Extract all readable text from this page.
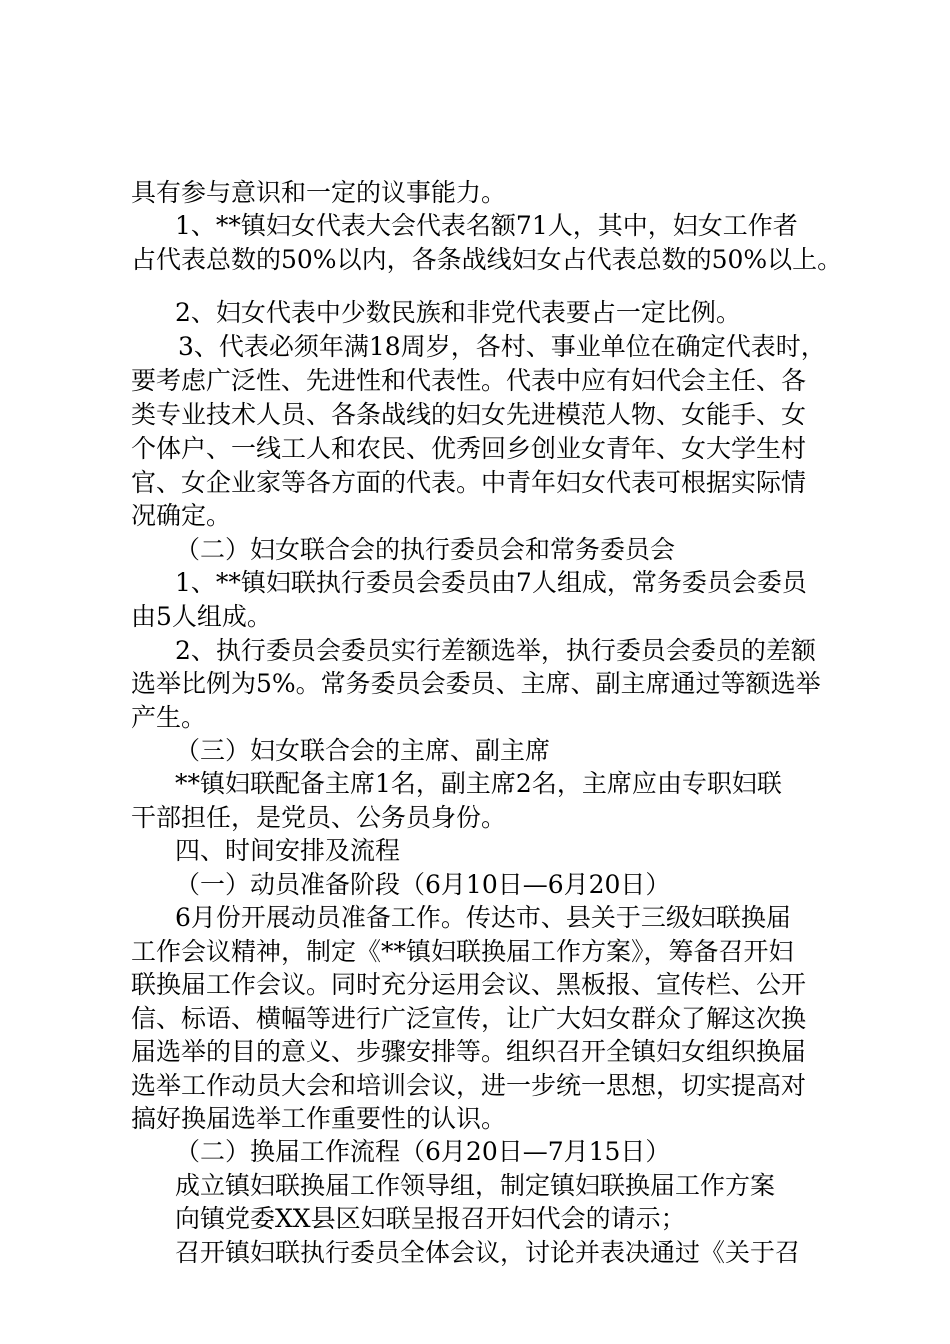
具有参与意识和一定的议事能力。
1、**镇妇女代表大会代表名额71人，其中，妇女工作者
占代表总数的50%以内，各条战线妇女占代表总数的50%以上。
2、妇女代表中少数民族和非党代表要占一定比例。
3、代表必须年满18周岁，各村、事业单位在确定代表时，
要考虑广泛性、先进性和代表性。代表中应有妇代会主任、各
类专业技术人员、各条战线的妇女先进模范人物、女能手、女
个体户、一线工人和农民、优秀回乡创业女青年、女大学生村
官、女企业家等各方面的代表。中青年妇女代表可根据实际情
况确定。
（二）妇女联合会的执行委员会和常务委员会
1、**镇妇联执行委员会委员由7人组成，常务委员会委员
由5人组成。
2、执行委员会委员实行差额选举，执行委员会委员的差额
选举比例为5%。常务委员会委员、主席、副主席通过等额选举
产生。
（三）妇女联合会的主席、副主席
**镇妇联配备主席1名，副主席2名，主席应由专职妇联
干部担任，是党员、公务员身份。
四、时间安排及流程
（一）动员准备阶段（6月10日—6月20日）
6月份开展动员准备工作。传达市、县关于三级妇联换届
工作会议精神，制定《**镇妇联换届工作方案》，筹备召开妇
联换届工作会议。同时充分运用会议、黑板报、宣传栏、公开
信、标语、横幅等进行广泛宣传，让广大妇女群众了解这次换
届选举的目的意义、步骤安排等。组织召开全镇妇女组织换届
选举工作动员大会和培训会议，进一步统一思想，切实提高对
搞好换届选举工作重要性的认识。
（二）换届工作流程（6月20日—7月15日）
成立镇妇联换届工作领导组，制定镇妇联换届工作方案
向镇党委XX县区妇联呈报召开妇代会的请示；
召开镇妇联执行委员全体会议，讨论并表决通过《关于召
